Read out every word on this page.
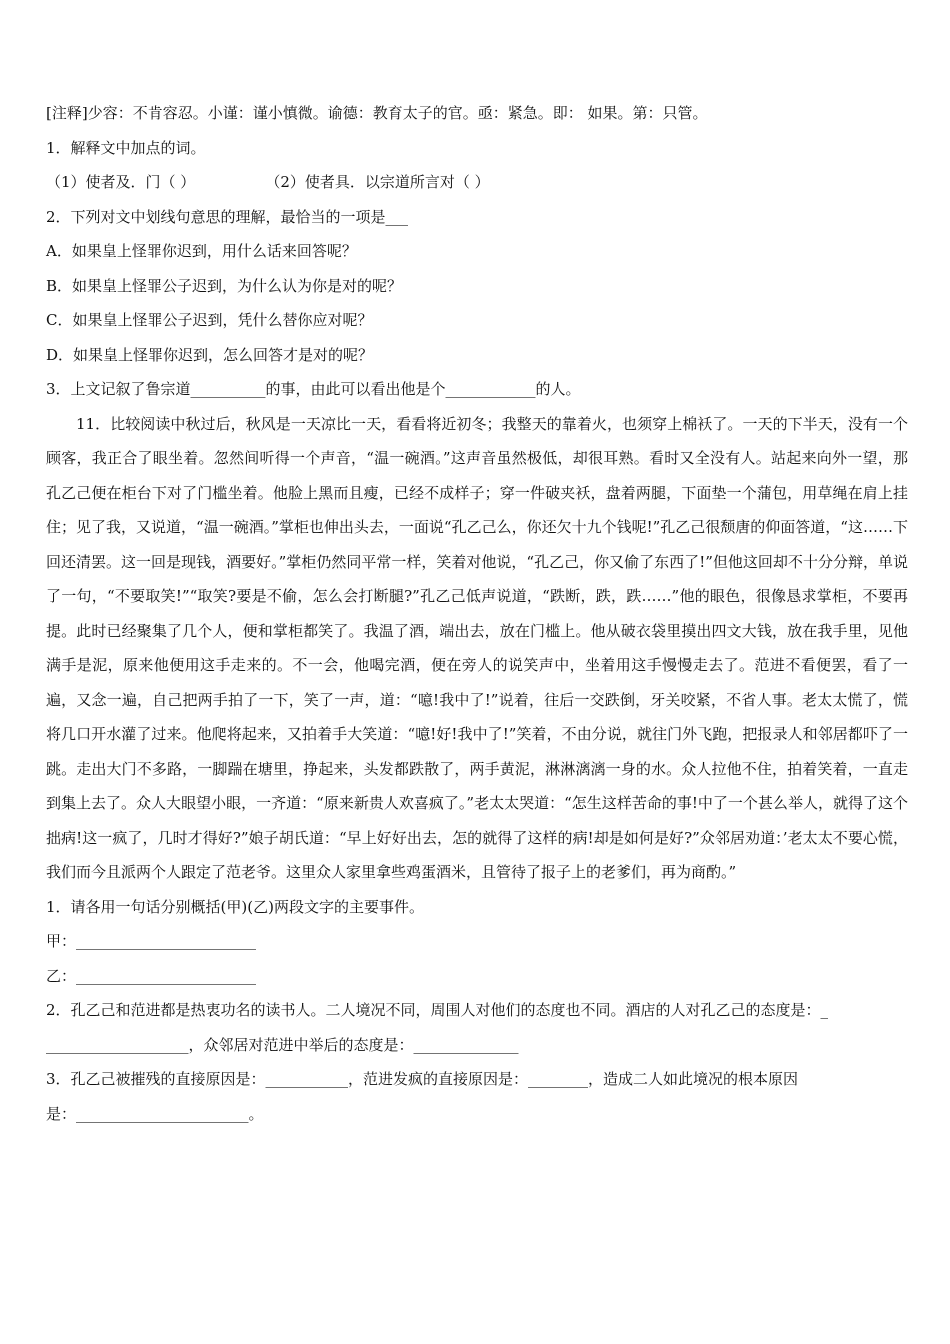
[注释]少容：不肯容忍。小谨：谨小慎微。谕德：教育太子的官。亟：紧急。即： 如果。第：只管。
1．解释文中加点的词。
（1）使者及．门（ ）	（2）使者具．以宗道所言对（ ）
2．下列对文中划线句意思的理解，最恰当的一项是___
A．如果皇上怪罪你迟到，用什么话来回答呢？
B．如果皇上怪罪公子迟到，为什么认为你是对的呢？
C．如果皇上怪罪公子迟到，凭什么替你应对呢？
D．如果皇上怪罪你迟到，怎么回答才是对的呢？
3．上文记叙了鲁宗道__________的事，由此可以看出他是个____________的人。
11．比较阅读中秋过后，秋风是一天凉比一天，看看将近初冬；我整天的靠着火，也须穿上棉袄了。一天的下半天，没有一个顾客，我正合了眼坐着。忽然间听得一个声音，“温一碗酒。”这声音虽然极低，却很耳熟。看时又全没有人。站起来向外一望，那孔乙己便在柜台下对了门槛坐着。他脸上黑而且瘦，已经不成样子；穿一件破夹袄，盘着两腿，下面垫一个蒲包，用草绳在肩上挂住；见了我，又说道，“温一碗酒。”掌柜也伸出头去，一面说“孔乙己么，你还欠十九个钱呢!”孔乙己很颓唐的仰面答道，“这……下回还清罢。这一回是现钱，酒要好。”掌柜仍然同平常一样，笑着对他说，“孔乙己，你又偷了东西了!”但他这回却不十分分辩，单说了一句，“不要取笑!”“取笑?要是不偷，怎么会打断腿?”孔乙己低声说道，“跌断，跌，跌……”他的眼色，很像恳求掌柜，不要再提。此时已经聚集了几个人，便和掌柜都笑了。我温了酒，端出去，放在门槛上。他从破衣袋里摸出四文大钱，放在我手里，见他满手是泥，原来他便用这手走来的。不一会，他喝完酒，便在旁人的说笑声中，坐着用这手慢慢走去了。范进不看便罢，看了一遍，又念一遍，自己把两手拍了一下，笑了一声，道：“噫!我中了!”说着，往后一交跌倒，牙关咬紧，不省人事。老太太慌了，慌将几口开水灌了过来。他爬将起来，又拍着手大笑道：“噫!好!我中了!”笑着，不由分说，就往门外飞跑，把报录人和邻居都吓了一跳。走出大门不多路，一脚踹在塘里，挣起来，头发都跌散了，两手黄泥，淋淋漓漓一身的水。众人拉他不住，拍着笑着，一直走到集上去了。众人大眼望小眼，一齐道：“原来新贵人欢喜疯了。”老太太哭道：“怎生这样苦命的事!中了一个甚么举人，就得了这个拙病!这一疯了，几时才得好?”娘子胡氏道：“早上好好出去，怎的就得了这样的病!却是如何是好?”众邻居劝道：’老太太不要心慌，我们而今且派两个人跟定了范老爷。这里众人家里拿些鸡蛋酒米，且管待了报子上的老爹们，再为商酌。”
1．请各用一句话分别概括(甲)(乙)两段文字的主要事件。
甲：________________________
乙：________________________
2．孔乙己和范进都是热衷功名的读书人。二人境况不同，周围人对他们的态度也不同。酒店的人对孔乙己的态度是：_
___________________，众邻居对范进中举后的态度是：______________
3．孔乙己被摧残的直接原因是：___________，范进发疯的直接原因是：________，造成二人如此境况的根本原因
是：_______________________。
